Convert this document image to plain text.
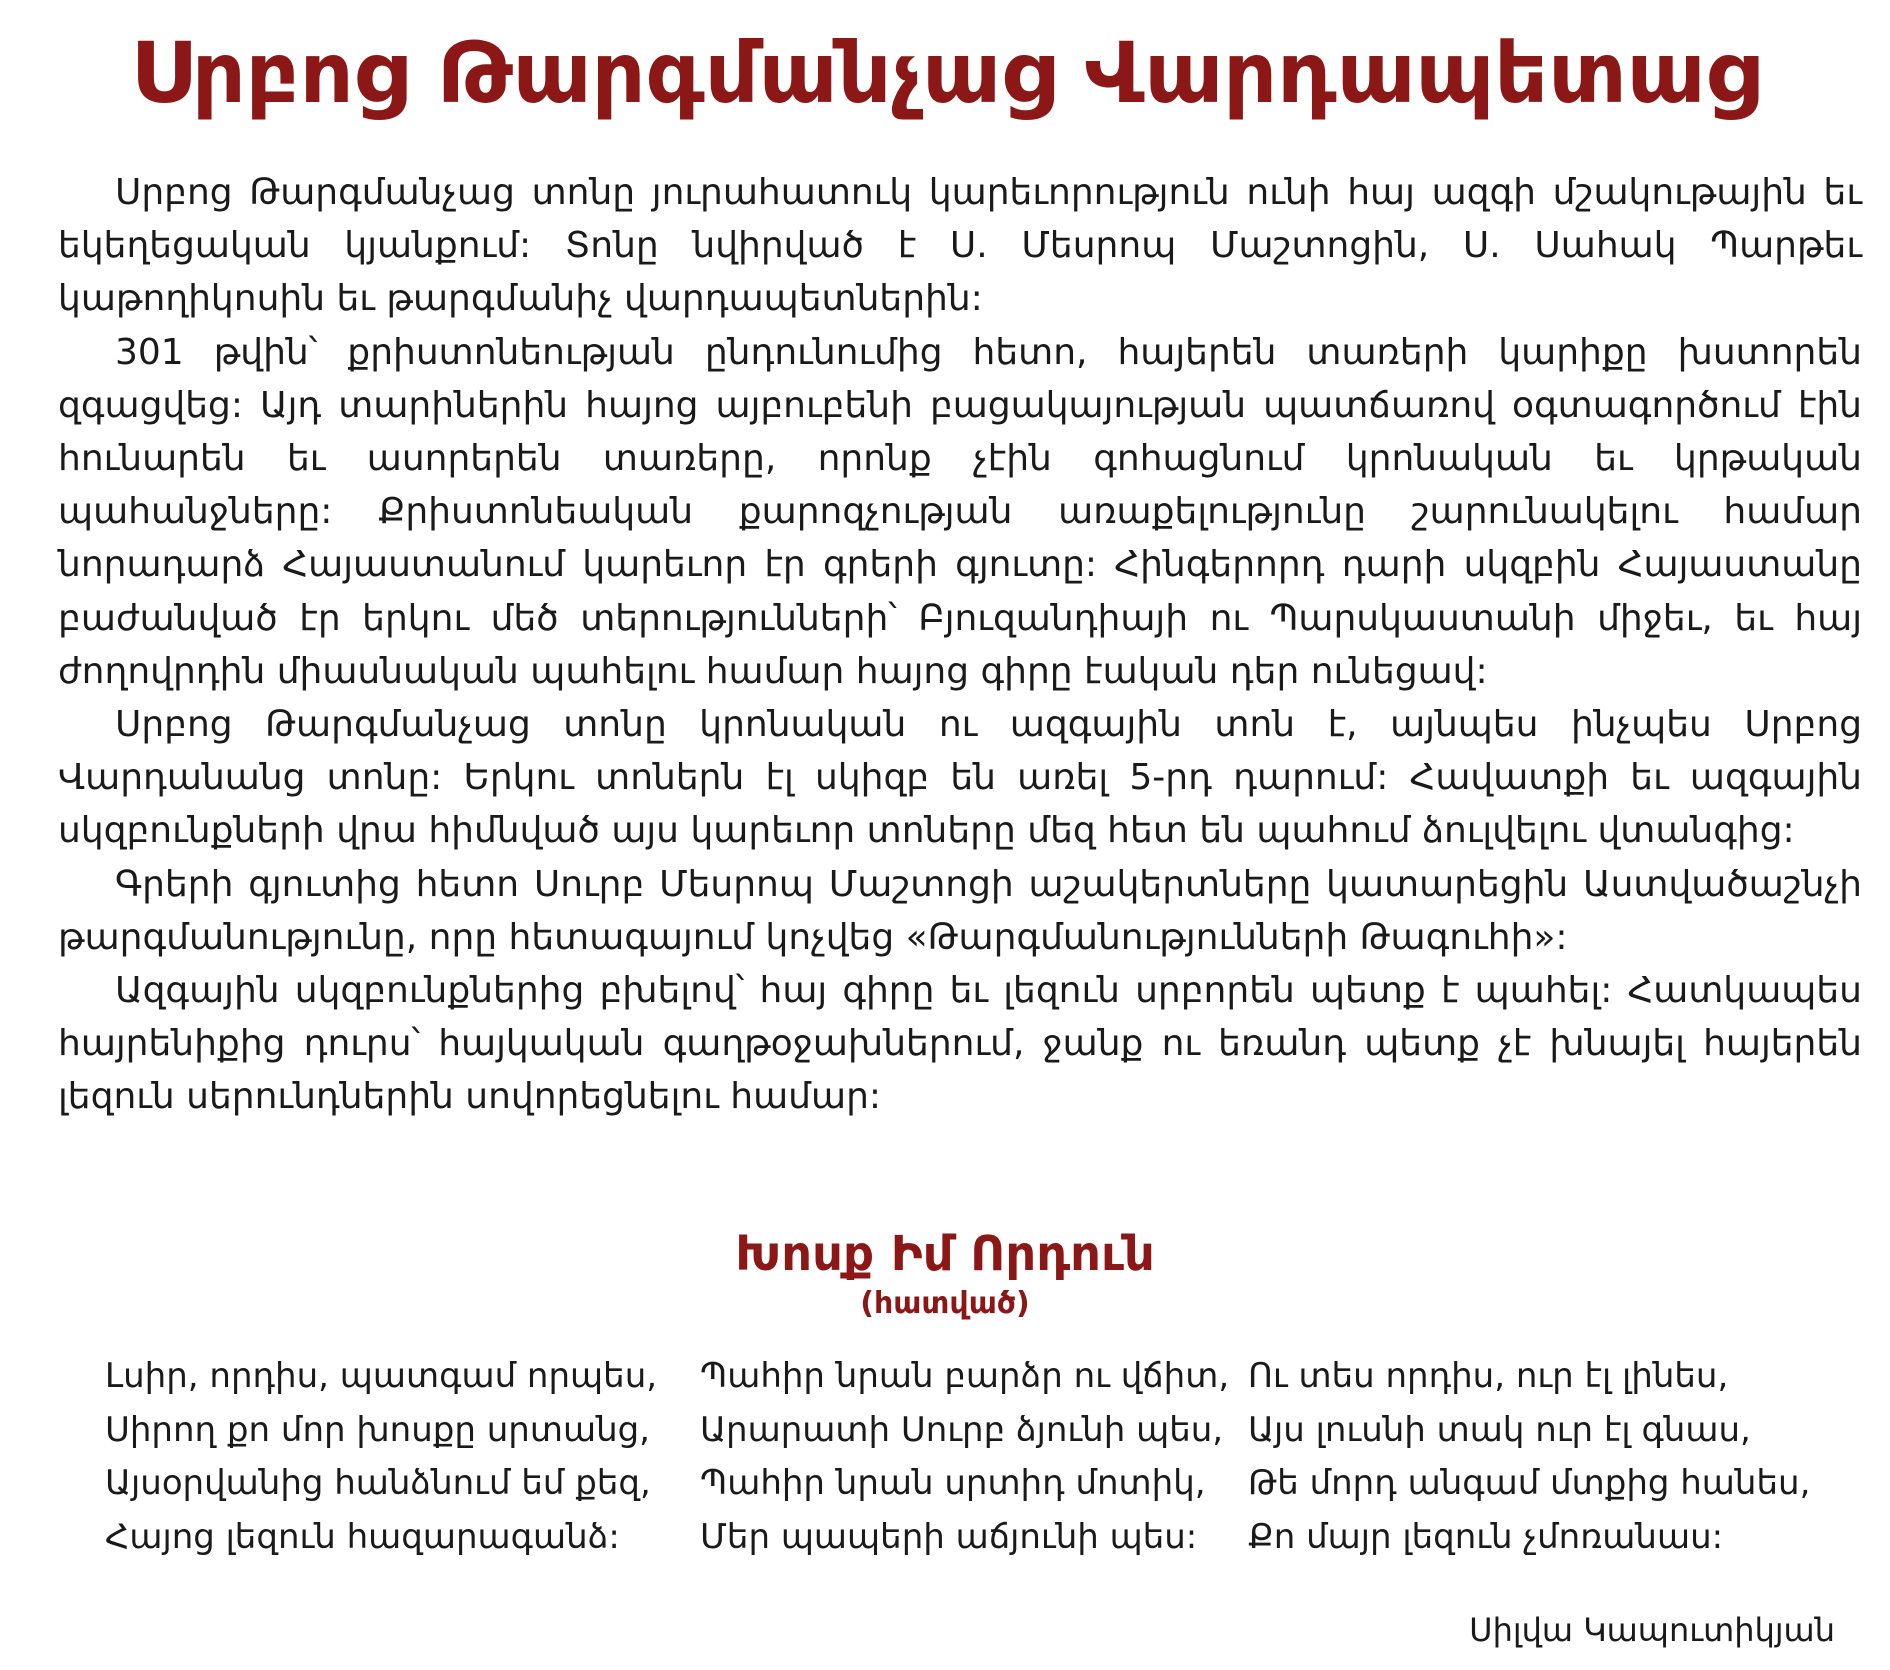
Սրբոց Թարգմանչաց Վարդապետաց

Սրբոց Թարգմանչաց տոնը յուրահատուկ կարեւորություն ունի հայ ազգի մշակութային եւ եկեղեցական կյանքում: Տոնը նվիրված է Ս. Մեսրոպ Մաշտոցին, Ս. Սահակ Պարթեւ կաթողիկոսին եւ թարգմանիչ վարդապետներին:

301 թվին՝ քրիստոնեության ընդունումից հետո, հայերեն տառերի կարիքը խստորեն զգացվեց: Այդ տարիներին հայոց այբուբենի բացակայության պատճառով օգտագործում էին հունարեն եւ ասորերեն տառերը, որոնք չէին գոհացնում կրոնական եւ կրթական պահանջները: Քրիստոնեական քարոզչության առաքելությունը շարունակելու համար նորադարձ Հայաստանում կարեւոր էր գրերի գյուտը: Հինգերորդ դարի սկզբին Հայաստանը բաժանված էր երկու մեծ տերությունների՝ Բյուզանդիայի ու Պարսկաստանի միջեւ, եւ հայ ժողովրդին միասնական պահելու համար հայոց գիրը էական դեր ունեցավ:

Սրբոց Թարգմանչաց տոնը կրոնական ու ազգային տոն է, այնպես ինչպես Սրբոց Վարդանանց տոնը: Երկու տոներն էլ սկիզբ են առել 5-րդ դարում: Հավատքի եւ ազգային սկզբունքների վրա հիմնված այս կարեւոր տոները մեզ հետ են պահում ձուլվելու վտանգից:

Գրերի գյուտից հետո Սուրբ Մեսրոպ Մաշտոցի աշակերտները կատարեցին Աստվածաշնչի թարգմանությունը, որը հետագայում կոչվեց «Թարգմանությունների Թագուհի»:

Ազգային սկզբունքներից բխելով՝ հայ գիրը եւ լեզուն սրբորեն պետք է պահել: Հատկապես հայրենիքից դուրս՝ հայկական գաղթօջախներում, ջանք ու եռանդ պետք չէ խնայել հայերեն լեզուն սերունդներին սովորեցնելու համար:

Խոսք Իմ Որդուն
(հատված)
Լսիր, որդիս, պատգամ որպես,
Սիրող քո մոր խոսքը սրտանց,
Այսօրվանից հանձնում եմ քեզ,
Հայոց լեզուն հազարագանձ:
Պահիր նրան բարձր ու վճիտ,
Արարատի Սուրբ ձյունի պես,
Պահիր նրան սրտիդ մոտիկ,
Մեր պապերի աճյունի պես:
Ու տես որդիս, ուր էլ լինես,
Այս լուսնի տակ ուր էլ գնաս,
Թե մորդ անգամ մտքից հանես,
Քո մայր լեզուն չմոռանաս:
Սիլվա Կապուտիկյան
